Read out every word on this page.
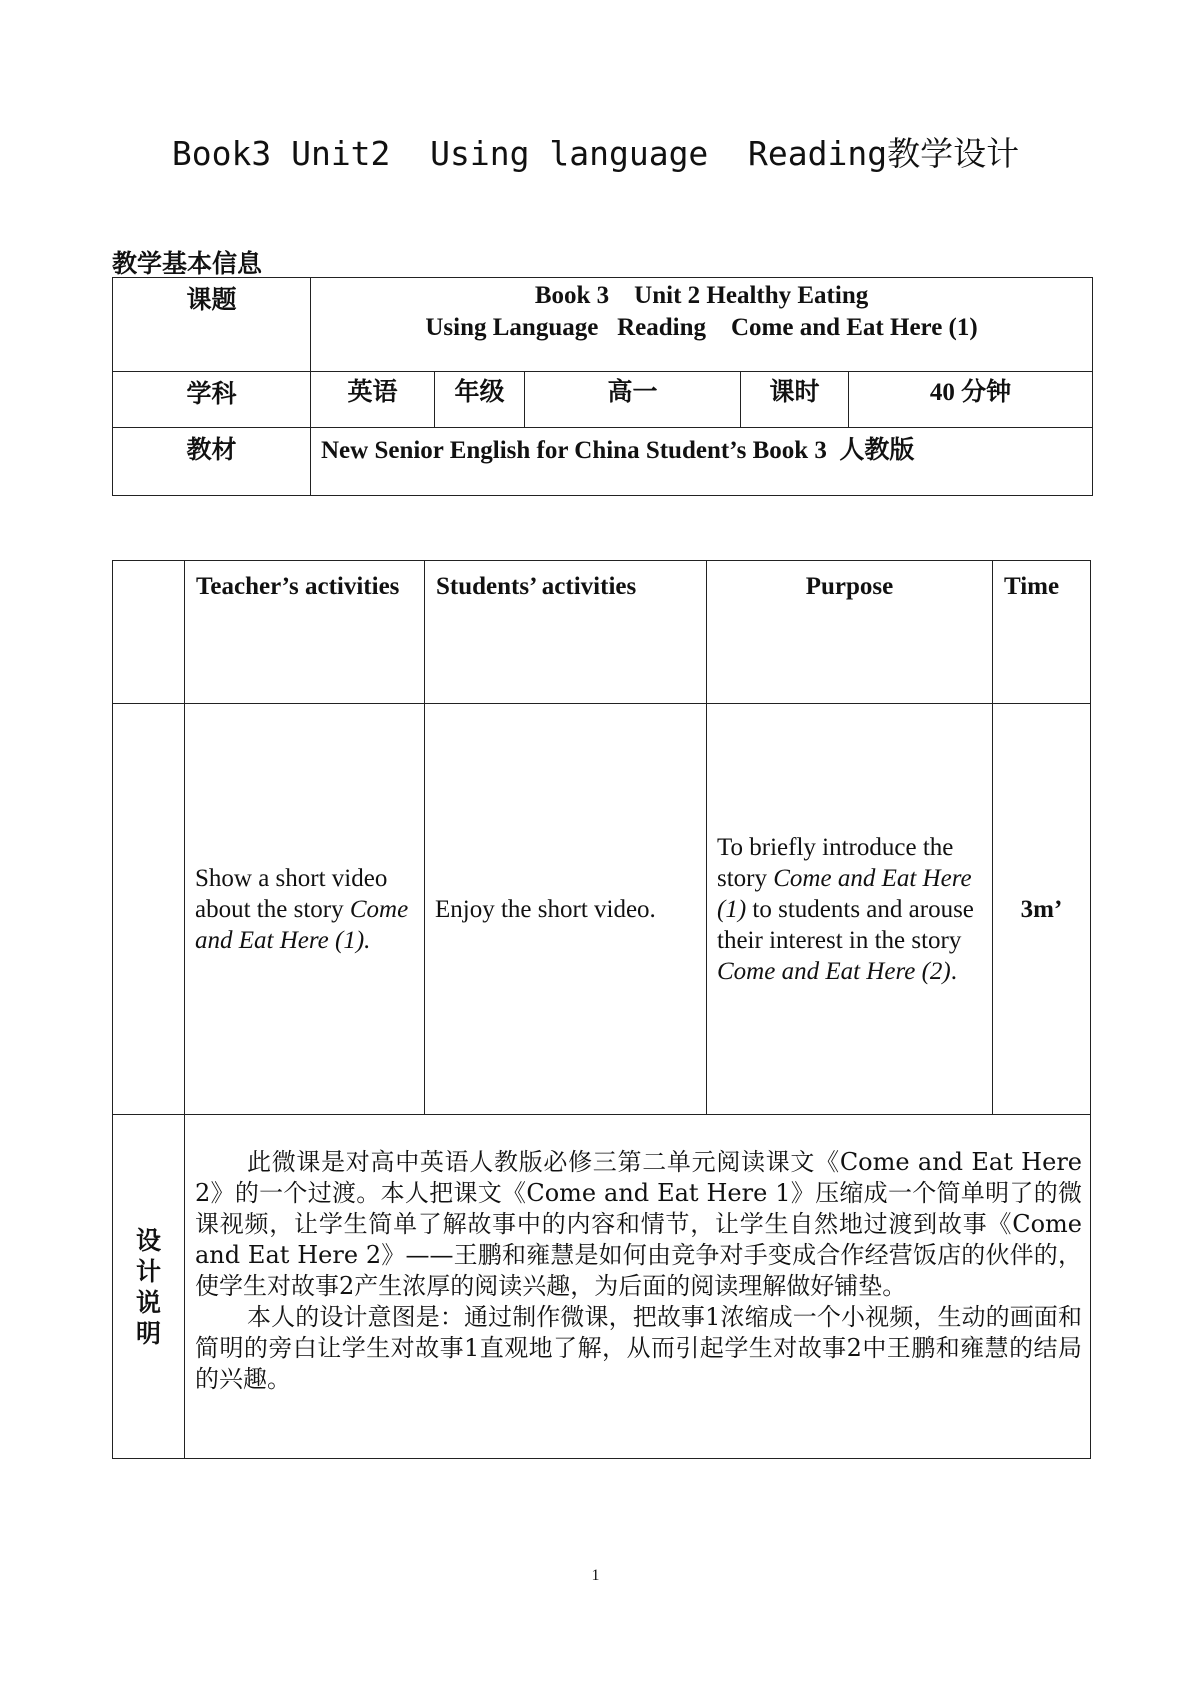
Book3 Unit2  Using language  Reading教学设计
教学基本信息
课题	Book 3    Unit 2 Healthy Eating
Using Language   Reading    Come and Eat Here (1)				

学科	英语	年级	高一	课时	40 分钟
教材	New Senior English for China Student’s Book 3  人教版				
	Teacher’s activities	Students’ activities	Purpose	Time
	Show a short video about the story Come and Eat Here (1).	Enjoy the short video.	To briefly introduce the story Come and Eat Here (1) to students and arouse their interest in the story Come and Eat Here (2).	3m’

设计说明	此微课是对高中英语人教版必修三第二单元阅读课文《Come and Eat Here 2》的一个过渡。本人把课文《Come and Eat Here 1》压缩成一个简单明了的微课视频，让学生简单了解故事中的内容和情节，让学生自然地过渡到故事《Come and Eat Here 2》——王鹏和雍慧是如何由竞争对手变成合作经营饭店的伙伴的，使学生对故事2产生浓厚的阅读兴趣，为后面的阅读理解做好铺垫。

本人的设计意图是：通过制作微课，把故事1浓缩成一个小视频，生动的画面和简明的旁白让学生对故事1直观地了解，从而引起学生对故事2中王鹏和雍慧的结局的兴趣。			

1
